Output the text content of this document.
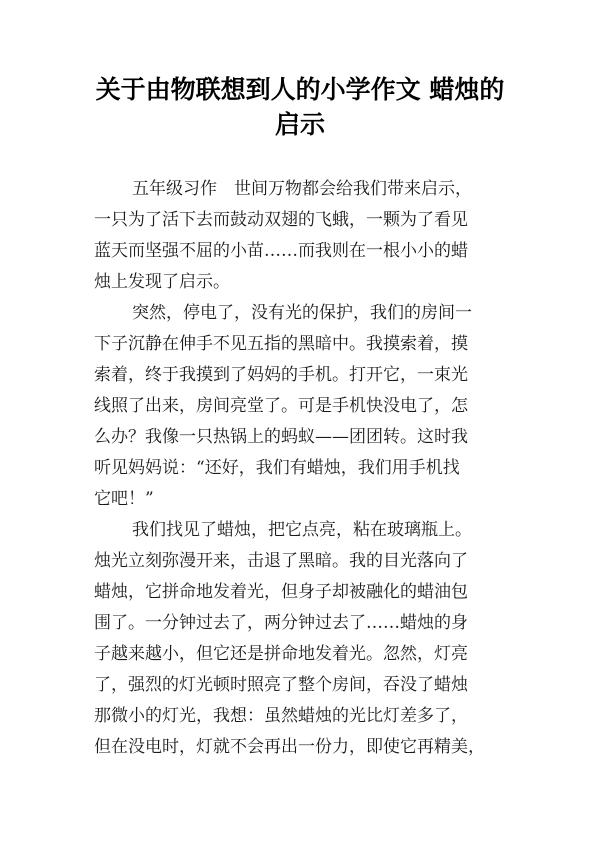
关于由物联想到人的小学作文 蜡烛的启示
五年级习作　世间万物都会给我们带来启示，
一只为了活下去而鼓动双翅的飞蛾，一颗为了看见
蓝天而坚强不屈的小苗……而我则在一根小小的蜡
烛上发现了启示。
突然，停电了，没有光的保护，我们的房间一
下子沉静在伸手不见五指的黑暗中。我摸索着，摸
索着，终于我摸到了妈妈的手机。打开它，一束光
线照了出来，房间亮堂了。可是手机快没电了，怎
么办？我像一只热锅上的蚂蚁——团团转。这时我
听见妈妈说：“还好，我们有蜡烛，我们用手机找
它吧！”
我们找见了蜡烛，把它点亮，粘在玻璃瓶上。
烛光立刻弥漫开来，击退了黑暗。我的目光落向了
蜡烛，它拼命地发着光，但身子却被融化的蜡油包
围了。一分钟过去了，两分钟过去了……蜡烛的身
子越来越小，但它还是拼命地发着光。忽然，灯亮
了，强烈的灯光顿时照亮了整个房间，吞没了蜡烛
那微小的灯光，我想：虽然蜡烛的光比灯差多了，
但在没电时，灯就不会再出一份力，即使它再精美，
